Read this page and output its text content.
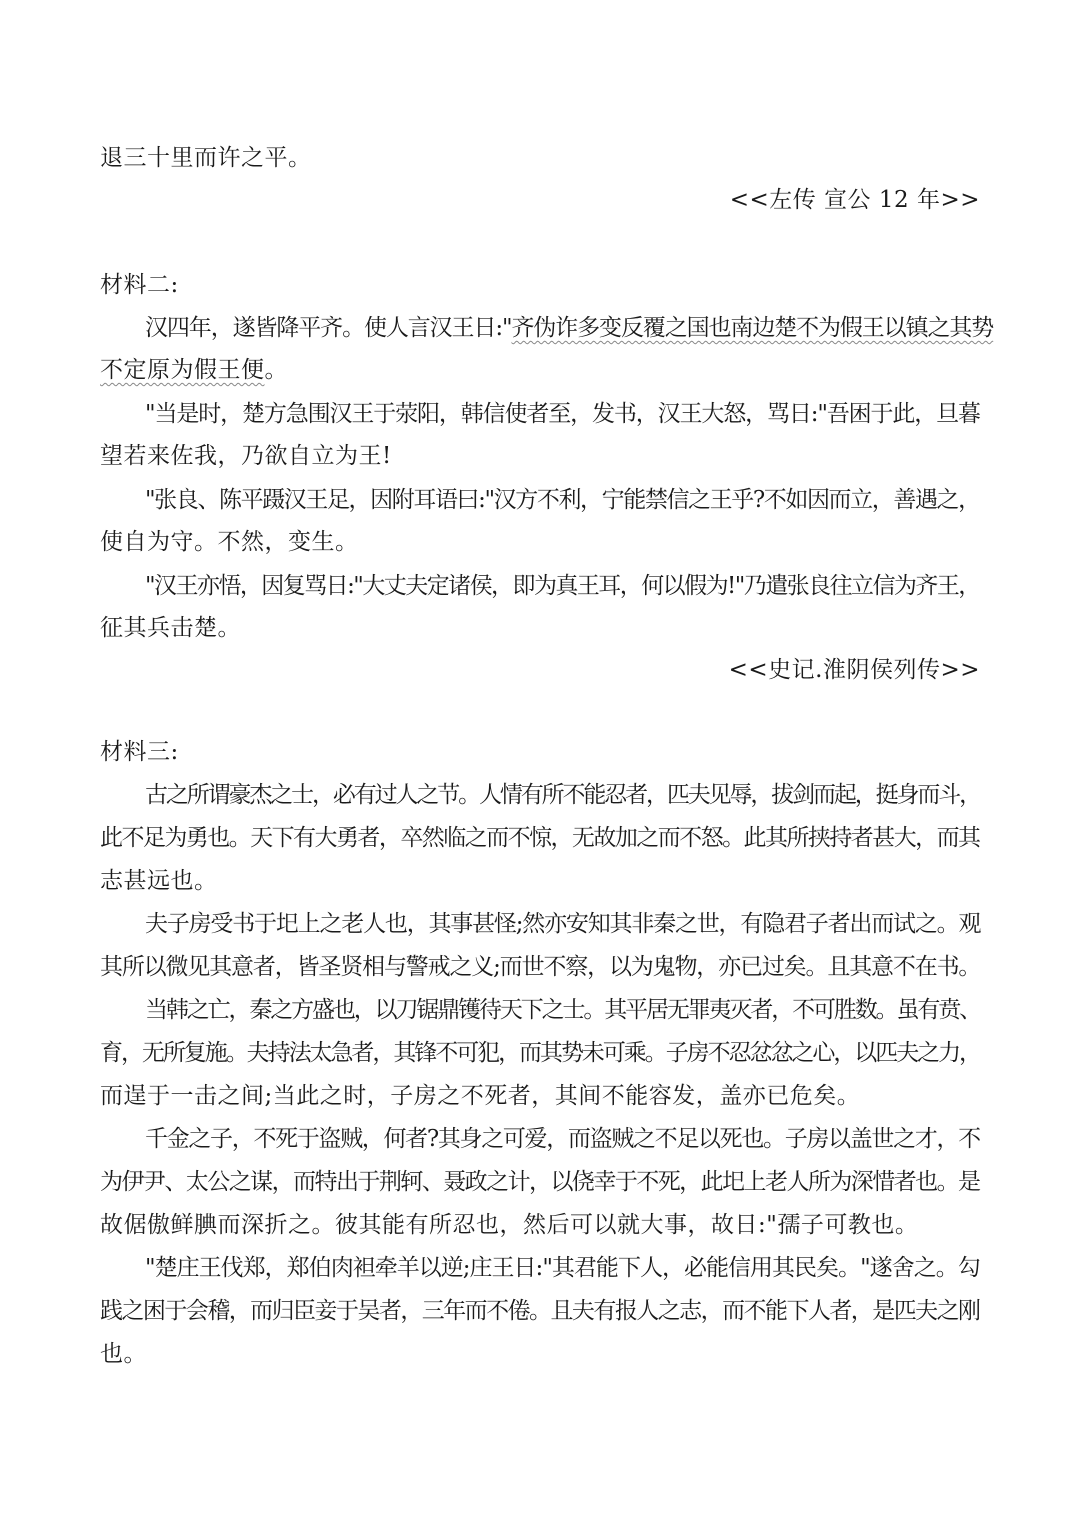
退三十里而许之平。
<<左传 宣公 12 年>>
材料二:
汉四年，遂皆降平齐。使人言汉王日:"齐伪诈多变反覆之国也南边楚不为假王以镇之其势
不定原为假王便。
"当是时，楚方急围汉王于荥阳，韩信使者至，发书，汉王大怒，骂日:"吾困于此，旦暮
望若来佐我，乃欲自立为王!
"张良、陈平蹑汉王足，因附耳语曰:"汉方不利，宁能禁信之王乎?不如因而立，善遇之，
使自为守。不然，变生。
"汉王亦悟，因复骂日:"大丈夫定诸侯，即为真王耳，何以假为!"乃遣张良往立信为齐王，
征其兵击楚。
<<史记.淮阴侯列传>>
材料三:
古之所谓豪杰之士，必有过人之节。人情有所不能忍者，匹夫见辱，拔剑而起，挺身而斗，
此不足为勇也。天下有大勇者，卒然临之而不惊，无故加之而不怒。此其所挟持者甚大，而其
志甚远也。
夫子房受书于圯上之老人也，其事甚怪;然亦安知其非秦之世，有隐君子者出而试之。观
其所以微见其意者，皆圣贤相与警戒之义;而世不察，以为鬼物，亦已过矣。且其意不在书。
当韩之亡，秦之方盛也，以刀锯鼎镬待天下之士。其平居无罪夷灭者，不可胜数。虽有贲、
育，无所复施。夫持法太急者，其锋不可犯，而其势未可乘。子房不忍忿忿之心，以匹夫之力，
而逞于一击之间;当此之时，子房之不死者，其间不能容发，盖亦已危矣。
千金之子，不死于盗贼，何者?其身之可爱，而盗贼之不足以死也。子房以盖世之才，不
为伊尹、太公之谋，而特出于荆轲、聂政之计，以侥幸于不死，此圯上老人所为深惜者也。是
故倨傲鲜腆而深折之。彼其能有所忍也，然后可以就大事，故日:"孺子可教也。
"楚庄王伐郑，郑伯肉袒牵羊以逆;庄王日:"其君能下人，必能信用其民矣。"遂舍之。勾
践之困于会稽，而归臣妾于吴者，三年而不倦。且夫有报人之志，而不能下人者，是匹夫之刚
也。
